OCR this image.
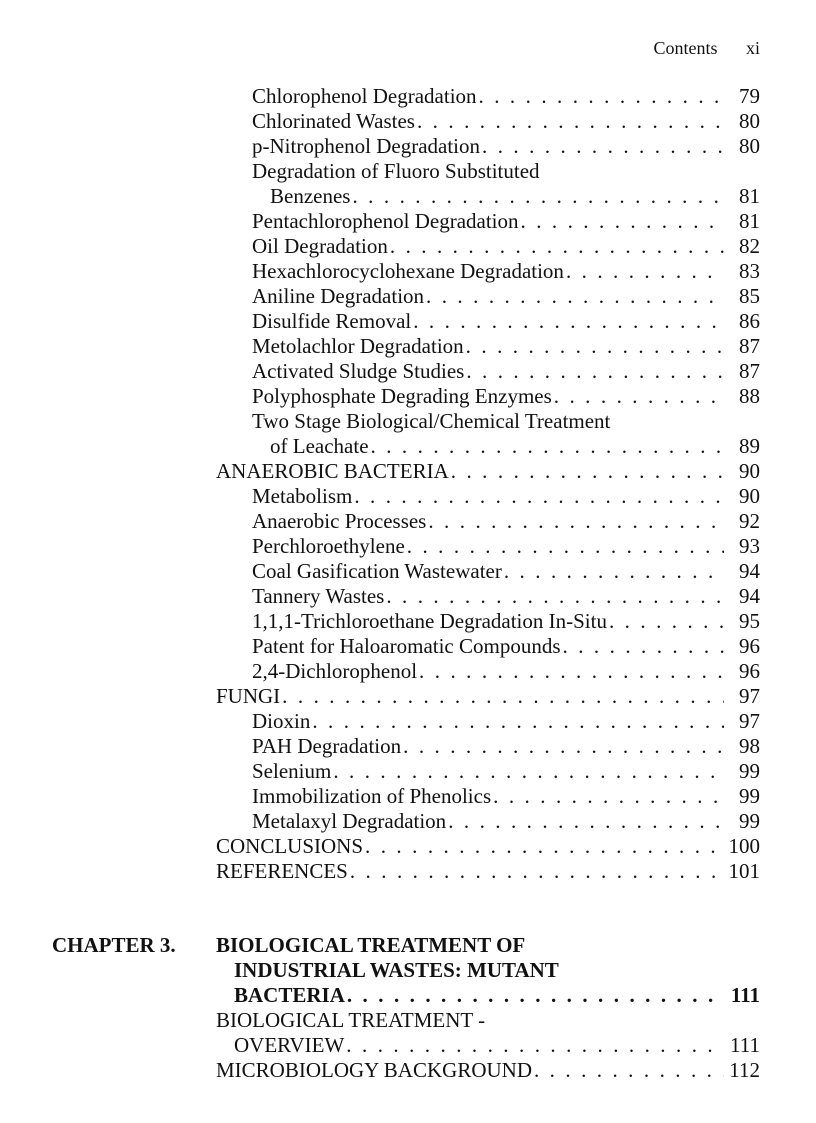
Contents xi
Chlorophenol Degradation . . .	79
Chlorinated Wastes . . .	80
p-Nitrophenol Degradation . . .	80
Degradation of Fluoro Substituted
Benzenes . . .	81
Pentachlorophenol Degradation . . .	81
Oil Degradation . . .	82
Hexachlorocyclohexane Degradation . . .	83
Aniline Degradation . . .	85
Disulfide Removal . . .	86
Metolachlor Degradation . . .	87
Activated Sludge Studies . . .	87
Polyphosphate Degrading Enzymes . . .	88
Two Stage Biological/Chemical Treatment
of Leachate . . .	89
ANAEROBIC BACTERIA . . .	90
Metabolism . . .	90
Anaerobic Processes . . .	92
Perchloroethylene . . .	93
Coal Gasification Wastewater . . .	94
Tannery Wastes . . .	94
1,1,1-Trichloroethane Degradation In-Situ . . .	95
Patent for Haloaromatic Compounds . . .	96
2,4-Dichlorophenol . . .	96
FUNGI . . .	97
Dioxin . . .	97
PAH Degradation . . .	98
Selenium . . .	99
Immobilization of Phenolics . . .	99
Metalaxyl Degradation . . .	99
CONCLUSIONS . . .	100
REFERENCES . . .	101
CHAPTER 3. BIOLOGICAL TREATMENT OF
INDUSTRIAL WASTES: MUTANT
BACTERIA . . .	111
BIOLOGICAL TREATMENT -
OVERVIEW . . .	111
MICROBIOLOGY BACKGROUND . . .	112
